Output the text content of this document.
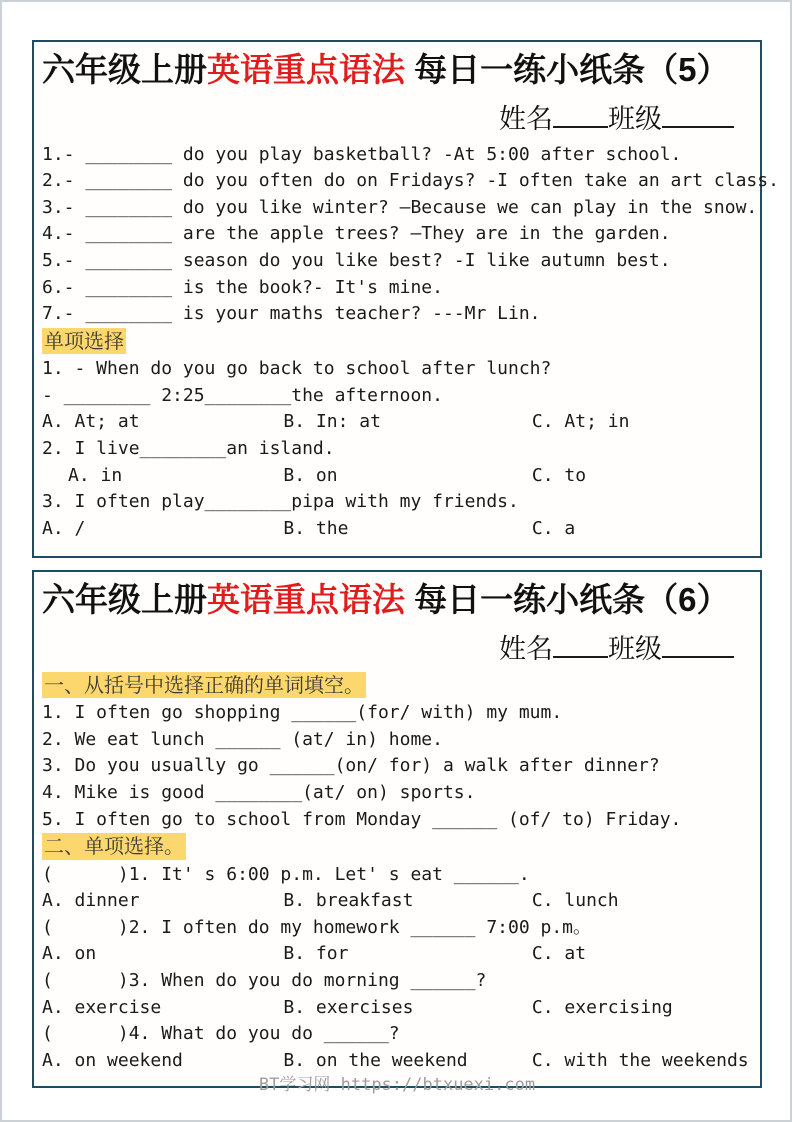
六年级上册英语重点语法 每日一练小纸条（5）
姓名 班级
1.- ________ do you play basketball? -At 5:00 after school.
2.- ________ do you often do on Fridays? -I often take an art class.
3.- ________ do you like winter? —Because we can play in the snow.
4.- ________ are the apple trees? —They are in the garden.
5.- ________ season do you like best? -I like autumn best.
6.- ________ is the book?- It's mine.
7.- ________ is your maths teacher? ---Mr Lin.
单项选择
1. - When do you go back to school after lunch?
- ________ 2:25________the afternoon.
A. At; at	B. In: at	C. At; in
2. I live________an island.
A. in	B. on	C. to
3. I often play________pipa with my friends.
A. /	B. the	C. a
六年级上册英语重点语法 每日一练小纸条（6）
姓名 班级
一、从括号中选择正确的单词填空。
1. I often go shopping ______(for/ with) my mum.
2. We eat lunch ______ (at/ in) home.
3. Do you usually go ______(on/ for) a walk after dinner?
4. Mike is good ________(at/ on) sports.
5. I often go to school from Monday ______ (of/ to) Friday.
二、单项选择。
(      )1. It' s 6:00 p.m. Let' s eat ______.
A. dinner	B. breakfast	C. lunch
(      )2. I often do my homework ______ 7:00 p.m。
A. on	B. for	C. at
(      )3. When do you do morning ______?
A. exercise	B. exercises	C. exercising
(      )4. What do you do ______?
A. on weekend	B. on the weekend	C. with the weekends
BT学习网 https://btxuexi.com
